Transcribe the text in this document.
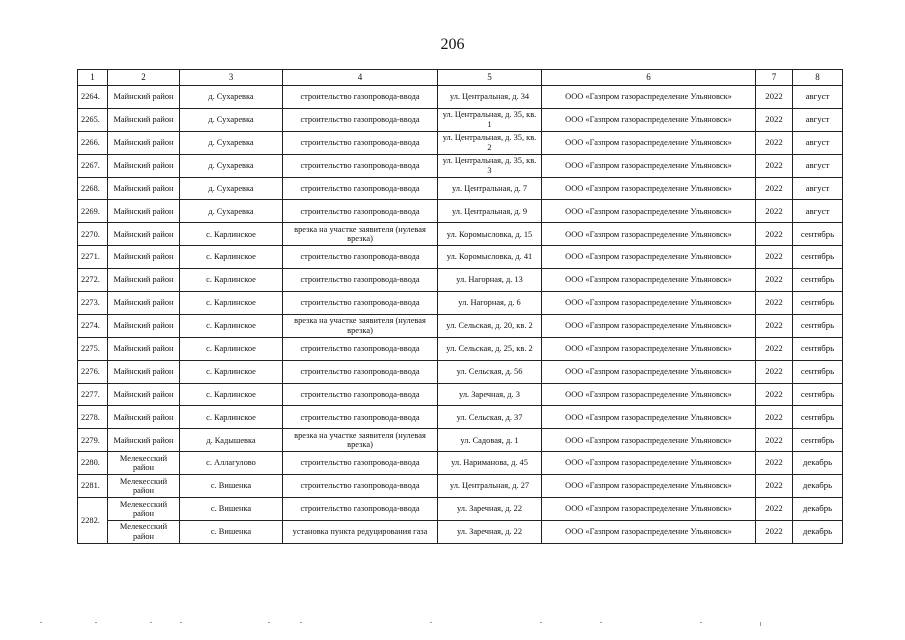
206
1	2	3	4	5	6	7	8
2264.	Майнский район	д. Сухаревка	строительство газопровода-ввода	ул. Центральная, д. 34	ООО «Газпром газораспределение Ульяновск»	2022	август
2265.	Майнский район	д. Сухаревка	строительство газопровода-ввода	ул. Центральная, д. 35, кв. 1	ООО «Газпром газораспределение Ульяновск»	2022	август
2266.	Майнский район	д. Сухаревка	строительство газопровода-ввода	ул. Центральная, д. 35, кв. 2	ООО «Газпром газораспределение Ульяновск»	2022	август
2267.	Майнский район	д. Сухаревка	строительство газопровода-ввода	ул. Центральная, д. 35, кв. 3	ООО «Газпром газораспределение Ульяновск»	2022	август
2268.	Майнский район	д. Сухаревка	строительство газопровода-ввода	ул. Центральная, д. 7	ООО «Газпром газораспределение Ульяновск»	2022	август
2269.	Майнский район	д. Сухаревка	строительство газопровода-ввода	ул. Центральная, д. 9	ООО «Газпром газораспределение Ульяновск»	2022	август
2270.	Майнский район	с. Карлинское	врезка на участке заявителя (нулевая врезка)	ул. Коромысловка, д. 15	ООО «Газпром газораспределение Ульяновск»	2022	сентябрь
2271.	Майнский район	с. Карлинское	строительство газопровода-ввода	ул. Коромысловка, д. 41	ООО «Газпром газораспределение Ульяновск»	2022	сентябрь
2272.	Майнский район	с. Карлинское	строительство газопровода-ввода	ул. Нагорная, д. 13	ООО «Газпром газораспределение Ульяновск»	2022	сентябрь
2273.	Майнский район	с. Карлинское	строительство газопровода-ввода	ул. Нагорная, д. 6	ООО «Газпром газораспределение Ульяновск»	2022	сентябрь
2274.	Майнский район	с. Карлинское	врезка на участке заявителя (нулевая врезка)	ул. Сельская, д. 20, кв. 2	ООО «Газпром газораспределение Ульяновск»	2022	сентябрь
2275.	Майнский район	с. Карлинское	строительство газопровода-ввода	ул. Сельская, д. 25, кв. 2	ООО «Газпром газораспределение Ульяновск»	2022	сентябрь
2276.	Майнский район	с. Карлинское	строительство газопровода-ввода	ул. Сельская, д. 56	ООО «Газпром газораспределение Ульяновск»	2022	сентябрь
2277.	Майнский район	с. Карлинское	строительство газопровода-ввода	ул. Заречная, д. 3	ООО «Газпром газораспределение Ульяновск»	2022	сентябрь
2278.	Майнский район	с. Карлинское	строительство газопровода-ввода	ул. Сельская, д. 37	ООО «Газпром газораспределение Ульяновск»	2022	сентябрь
2279.	Майнский район	д. Кадышевка	врезка на участке заявителя (нулевая врезка)	ул. Садовая, д. 1	ООО «Газпром газораспределение Ульяновск»	2022	сентябрь
2280.	Мелекесский район	с. Аллагулово	строительство газопровода-ввода	ул. Нариманова, д. 45	ООО «Газпром газораспределение Ульяновск»	2022	декабрь
2281.	Мелекесский район	с. Вишенка	строительство газопровода-ввода	ул. Центральная, д. 27	ООО «Газпром газораспределение Ульяновск»	2022	декабрь
2282.	Мелекесский район	с. Вишенка	строительство газопровода-ввода	ул. Заречная, д. 22	ООО «Газпром газораспределение Ульяновск»	2022	декабрь
	Мелекесский район	с. Вишенка	установка пункта редуцирования газа	ул. Заречная, д. 22	ООО «Газпром газораспределение Ульяновск»	2022	декабрь
